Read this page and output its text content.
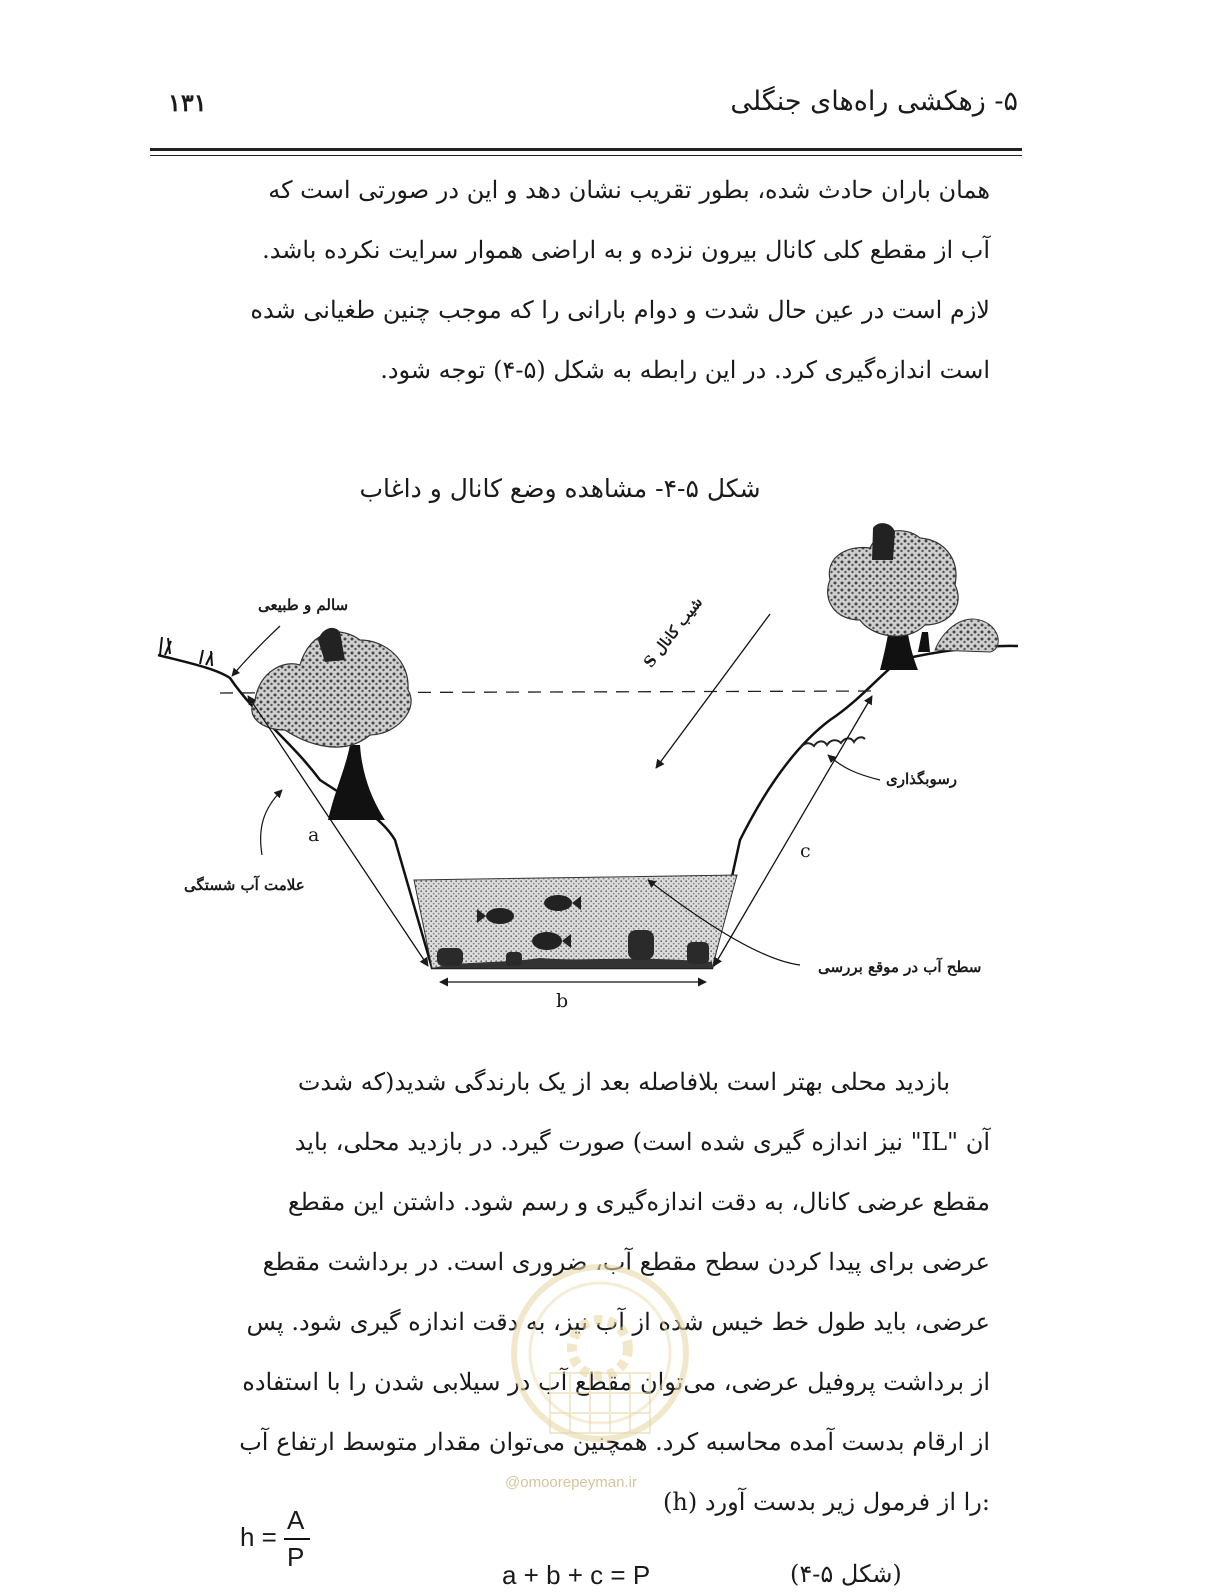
۵- زهکشی راه‌های جنگلی
۱۳۱
همان باران حادث شده، بطور تقریب نشان دهد و این در صورتی است که
آب از مقطع کلی کانال بیرون نزده و به اراضی هموار سرایت نکرده باشد.
لازم است در عین حال شدت و دوام بارانی را که موجب چنین طغیانی شده
است اندازه‌گیری کرد. در این رابطه به شکل (۵-۴) توجه شود.
شکل ۵-۴- مشاهده وضع کانال و داغاب
سالم و طبیعی
شیب کانال S
رسوبگذاری
علامت آب شستگی
سطح آب در موقع بررسی
a
b
c
بازدید محلی بهتر است بلافاصله بعد از یک بارندگی شدید(که شدت
آن "IL" نیز اندازه گیری شده است) صورت گیرد. در بازدید محلی، باید
مقطع عرضی کانال، به دقت اندازه‌گیری و رسم شود. داشتن این مقطع
عرضی برای پیدا کردن سطح مقطع آب، ضروری است. در برداشت مقطع
عرضی، باید طول خط خیس شده از آب نیز، به دقت اندازه گیری شود. پس
از برداشت پروفیل عرضی، می‌توان مقطع آب در سیلابی شدن را با استفاده
از ارقام بدست آمده محاسبه کرد. همچنین می‌توان مقدار متوسط ارتفاع آب
(h) را از فرمول زیر بدست آورد:
@omoorepeyman.ir
h =
A
P
a + b + c = P	(شکل ۵-۴)
